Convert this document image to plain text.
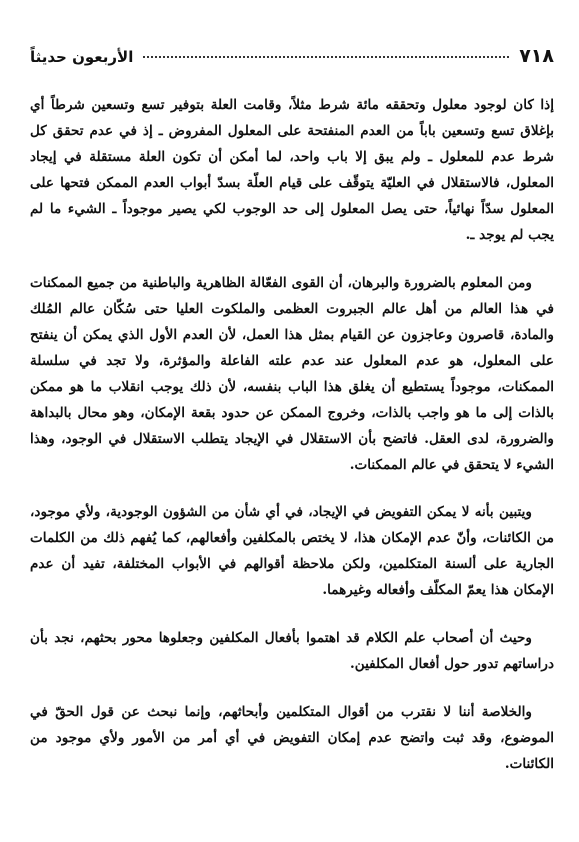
٧١٨
الأربعون حديثاً

إذا كان لوجود معلول وتحققه مائة شرط مثلاً، وقامت العلة بتوفير تسع وتسعين شرطاً أي بإغلاق تسع وتسعين باباً من العدم المنفتحة على المعلول المفروض ـ إذ في عدم تحقق كل شرط عدم للمعلول ـ ولم يبق إلا باب واحد، لما أمكن أن تكون العلة مستقلة في إيجاد المعلول، فالاستقلال في العليّة يتوقّف على قيام العلّة بسدّ أبواب العدم الممكن فتحها على المعلول سدّاً نهائياً، حتى يصل المعلول إلى حد الوجوب لكي يصير موجوداً ـ الشيء ما لم يجب لم يوجد ـ.

ومن المعلوم بالضرورة والبرهان، أن القوى الفعّالة الظاهرية والباطنية من جميع الممكنات في هذا العالم من أهل عالم الجبروت العظمى والملكوت العليا حتى سُكّان عالم المُلك والمادة، قاصرون وعاجزون عن القيام بمثل هذا العمل، لأن العدم الأول الذي يمكن أن ينفتح على المعلول، هو عدم المعلول عند عدم علته الفاعلة والمؤثرة، ولا تجد في سلسلة الممكنات، موجوداً يستطيع أن يغلق هذا الباب بنفسه، لأن ذلك يوجب انقلاب ما هو ممكن بالذات إلى ما هو واجب بالذات، وخروج الممكن عن حدود بقعة الإمكان، وهو محال بالبداهة والضرورة، لدى العقل. فاتضح بأن الاستقلال في الإيجاد يتطلب الاستقلال في الوجود، وهذا الشيء لا يتحقق في عالم الممكنات.

ويتبين بأنه لا يمكن التفويض في الإيجاد، في أي شأن من الشؤون الوجودية، ولأي موجود، من الكائنات، وأنّ عدم الإمكان هذا، لا يختص بالمكلفين وأفعالهم، كما يُفهم ذلك من الكلمات الجارية على ألسنة المتكلمين، ولكن ملاحظة أقوالهم في الأبواب المختلفة، تفيد أن عدم الإمكان هذا يعمّ المكلّف وأفعاله وغيرهما.

وحيث أن أصحاب علم الكلام قد اهتموا بأفعال المكلفين وجعلوها محور بحثهم، نجد بأن دراساتهم تدور حول أفعال المكلفين.

والخلاصة أننا لا نقترب من أقوال المتكلمين وأبحاثهم، وإنما نبحث عن قول الحقّ في الموضوع، وقد ثبت واتضح عدم إمكان التفويض في أي أمر من الأمور ولأي موجود من الكائنات.
